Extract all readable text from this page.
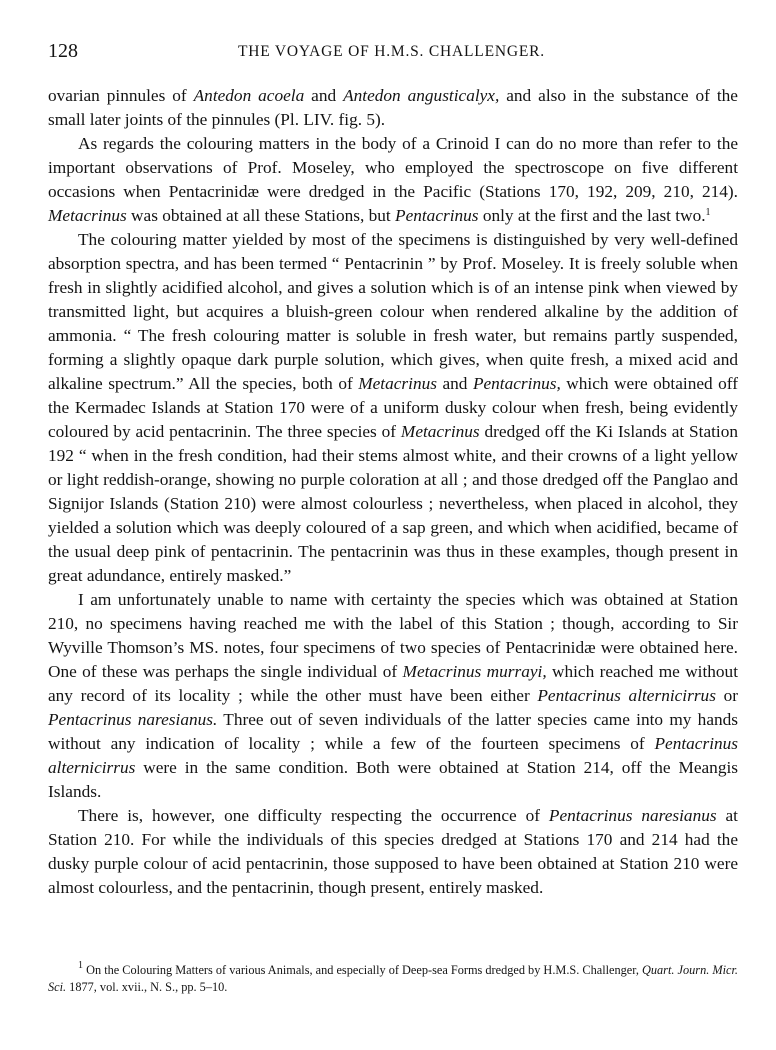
128	THE VOYAGE OF H.M.S. CHALLENGER.

ovarian pinnules of Antedon acoela and Antedon angusticalyx, and also in the substance of the small later joints of the pinnules (Pl. LIV. fig. 5).

As regards the colouring matters in the body of a Crinoid I can do no more than refer to the important observations of Prof. Moseley, who employed the spectroscope on five different occasions when Pentacrinidæ were dredged in the Pacific (Stations 170, 192, 209, 210, 214). Metacrinus was obtained at all these Stations, but Pentacrinus only at the first and the last two.$^1$

The colouring matter yielded by most of the specimens is distinguished by very well-defined absorption spectra, and has been termed “ Pentacrinin ” by Prof. Moseley. It is freely soluble when fresh in slightly acidified alcohol, and gives a solution which is of an intense pink when viewed by transmitted light, but acquires a bluish-green colour when rendered alkaline by the addition of ammonia. “ The fresh colouring matter is soluble in fresh water, but remains partly suspended, forming a slightly opaque dark purple solution, which gives, when quite fresh, a mixed acid and alkaline spectrum.” All the species, both of Metacrinus and Pentacrinus, which were obtained off the Kermadec Islands at Station 170 were of a uniform dusky colour when fresh, being evidently coloured by acid pentacrinin. The three species of Metacrinus dredged off the Ki Islands at Station 192 “ when in the fresh condition, had their stems almost white, and their crowns of a light yellow or light reddish-orange, showing no purple coloration at all ; and those dredged off the Panglao and Signijor Islands (Station 210) were almost colourless ; nevertheless, when placed in alcohol, they yielded a solution which was deeply coloured of a sap green, and which when acidified, became of the usual deep pink of pentacrinin. The pentacrinin was thus in these examples, though present in great adundance, entirely masked.”

I am unfortunately unable to name with certainty the species which was obtained at Station 210, no specimens having reached me with the label of this Station ; though, according to Sir Wyville Thomson’s MS. notes, four specimens of two species of Pentacrinidæ were obtained here. One of these was perhaps the single individual of Metacrinus murrayi, which reached me without any record of its locality ; while the other must have been either Pentacrinus alternicirrus or Pentacrinus naresianus. Three out of seven individuals of the latter species came into my hands without any indication of locality ; while a few of the fourteen specimens of Pentacrinus alternicirrus were in the same condition. Both were obtained at Station 214, off the Meangis Islands.

There is, however, one difficulty respecting the occurrence of Pentacrinus naresianus at Station 210. For while the individuals of this species dredged at Stations 170 and 214 had the dusky purple colour of acid pentacrinin, those supposed to have been obtained at Station 210 were almost colourless, and the pentacrinin, though present, entirely masked.

$^1$ On the Colouring Matters of various Animals, and especially of Deep-sea Forms dredged by H.M.S. Challenger, Quart. Journ. Micr. Sci. 1877, vol. xvii., N. S., pp. 5–10.
